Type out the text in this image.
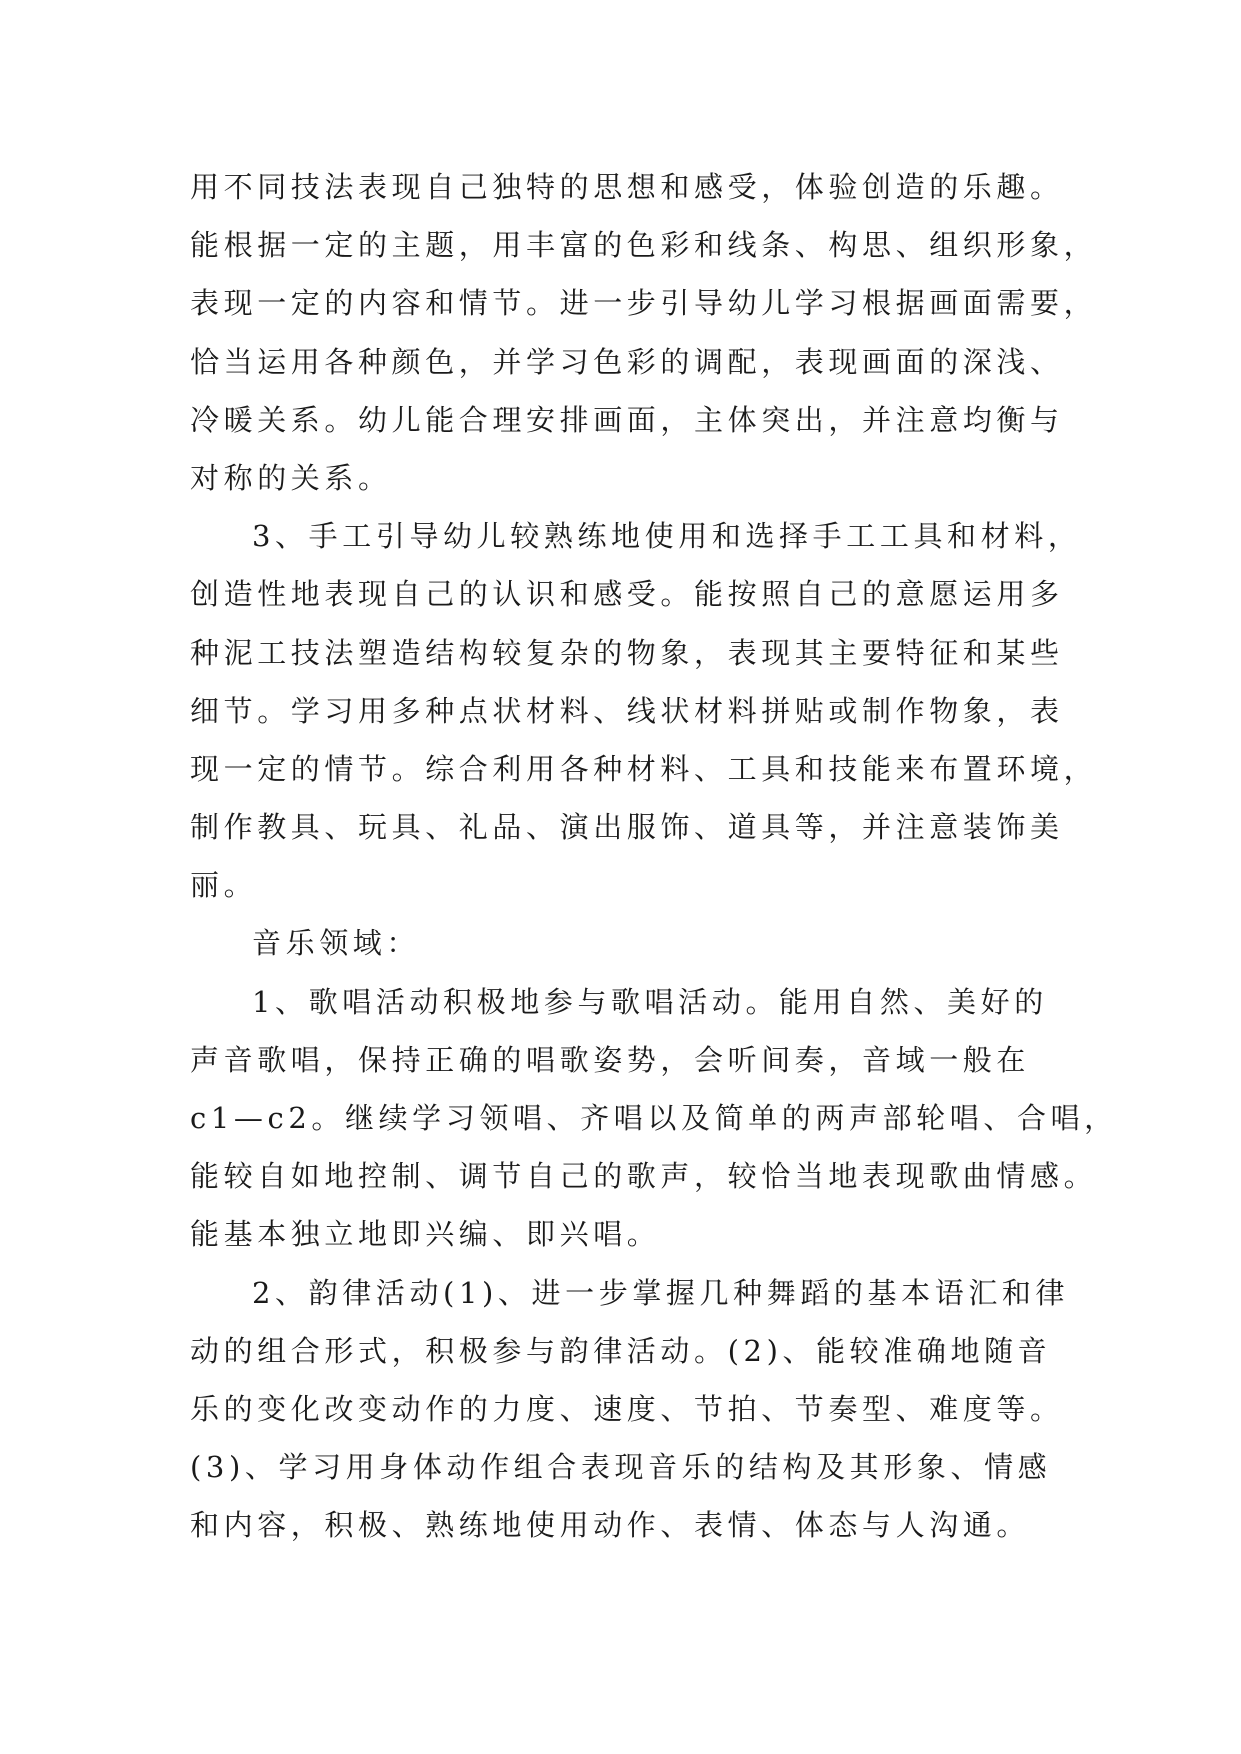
用不同技法表现自己独特的思想和感受，体验创造的乐趣。
能根据一定的主题，用丰富的色彩和线条、构思、组织形象，
表现一定的内容和情节。进一步引导幼儿学习根据画面需要，
恰当运用各种颜色，并学习色彩的调配，表现画面的深浅、
冷暖关系。幼儿能合理安排画面，主体突出，并注意均衡与
对称的关系。
3、手工引导幼儿较熟练地使用和选择手工工具和材料，
创造性地表现自己的认识和感受。能按照自己的意愿运用多
种泥工技法塑造结构较复杂的物象，表现其主要特征和某些
细节。学习用多种点状材料、线状材料拼贴或制作物象，表
现一定的情节。综合利用各种材料、工具和技能来布置环境，
制作教具、玩具、礼品、演出服饰、道具等，并注意装饰美
丽。
音乐领域：
1、歌唱活动积极地参与歌唱活动。能用自然、美好的
声音歌唱，保持正确的唱歌姿势，会听间奏，音域一般在
c1—c2。继续学习领唱、齐唱以及简单的两声部轮唱、合唱，
能较自如地控制、调节自己的歌声，较恰当地表现歌曲情感。
能基本独立地即兴编、即兴唱。
2、韵律活动(1)、进一步掌握几种舞蹈的基本语汇和律
动的组合形式，积极参与韵律活动。(2)、能较准确地随音
乐的变化改变动作的力度、速度、节拍、节奏型、难度等。
(3)、学习用身体动作组合表现音乐的结构及其形象、情感
和内容，积极、熟练地使用动作、表情、体态与人沟通。
